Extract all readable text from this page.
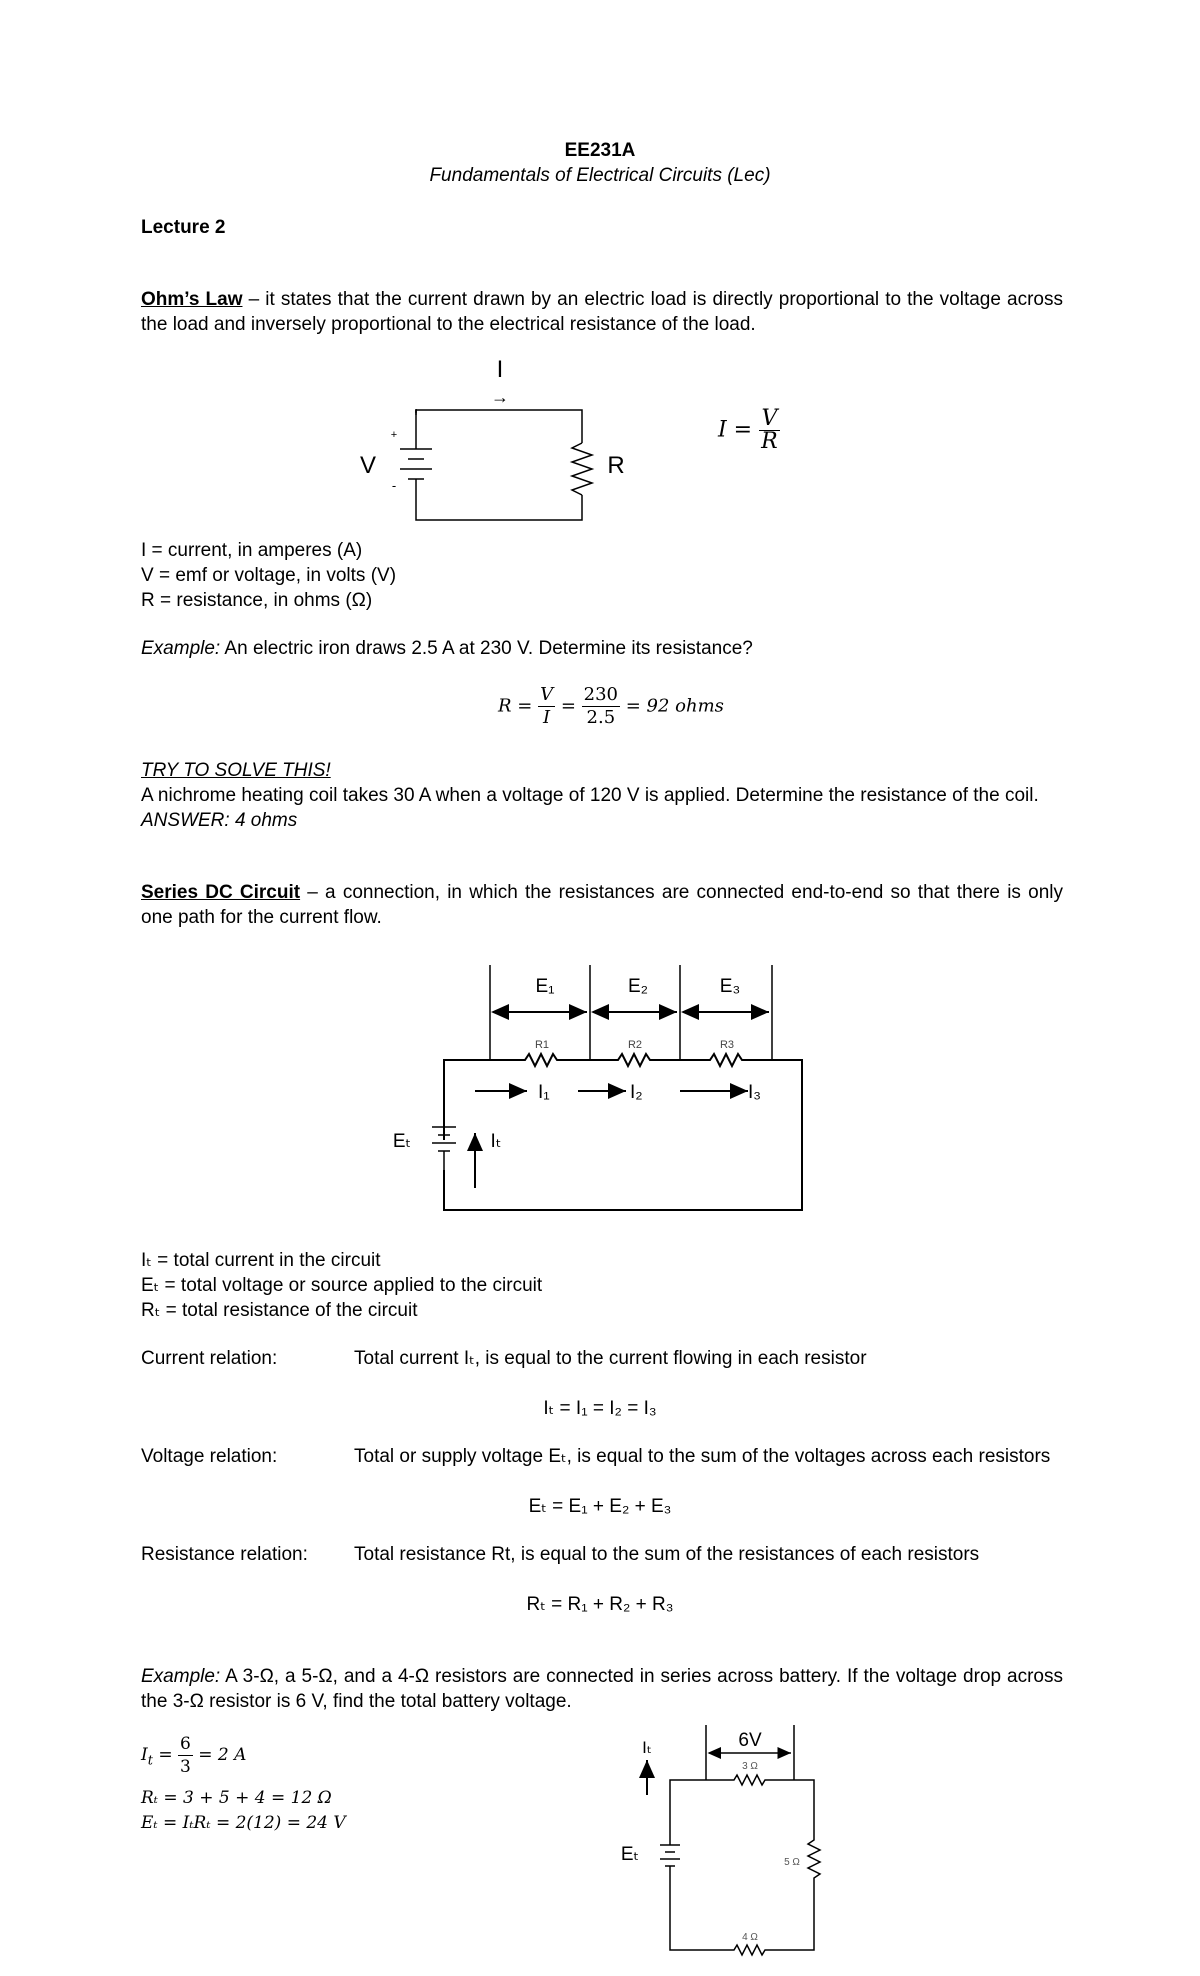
EE231A
Fundamentals of Electrical Circuits (Lec)
Lecture 2
Ohm’s Law – it states that the current drawn by an electric load is directly proportional to the voltage across the load and inversely proportional to the electrical resistance of the load.
I
→
+
-
V	R
$I = \frac{V}{R}$
I = current, in amperes (A)
V = emf or voltage, in volts (V)
R = resistance, in ohms (Ω)
Example: An electric iron draws 2.5 A at 230 V. Determine its resistance?
$R = \frac{V}{I} = \frac{230}{2.5} = 92$ ohms
TRY TO SOLVE THIS!
A nichrome heating coil takes 30 A when a voltage of 120 V is applied. Determine the resistance of the coil.
ANSWER: 4 ohms
Series DC Circuit – a connection, in which the resistances are connected end-to-end so that there is only one path for the current flow.
E₁	E₂	E₃
R1	R2	R3
Eₜ	Iₜ
I₁	I₂	I₃
Iₜ = total current in the circuit
Eₜ = total voltage or source applied to the circuit
Rₜ = total resistance of the circuit
Current relation:	Total current Iₜ, is equal to the current flowing in each resistor
Iₜ = I₁ = I₂ = I₃
Voltage relation:	Total or supply voltage Eₜ, is equal to the sum of the voltages across each resistors
Eₜ = E₁ + E₂ + E₃
Resistance relation: Total resistance Rt, is equal to the sum of the resistances of each resistors
Rₜ = R₁ + R₂ + R₃
Example: A 3-Ω, a 5-Ω, and a 4-Ω resistors are connected in series across battery. If the voltage drop across the 3-Ω resistor is 6 V, find the total battery voltage.
$I_t = \frac{6}{3} = 2$ A
Rₜ = 3 + 5 + 4 = 12 Ω
Eₜ = IₜRₜ = 2(12) = 24 V
6V
3 Ω
5 Ω
4 Ω
Eₜ
Iₜ
